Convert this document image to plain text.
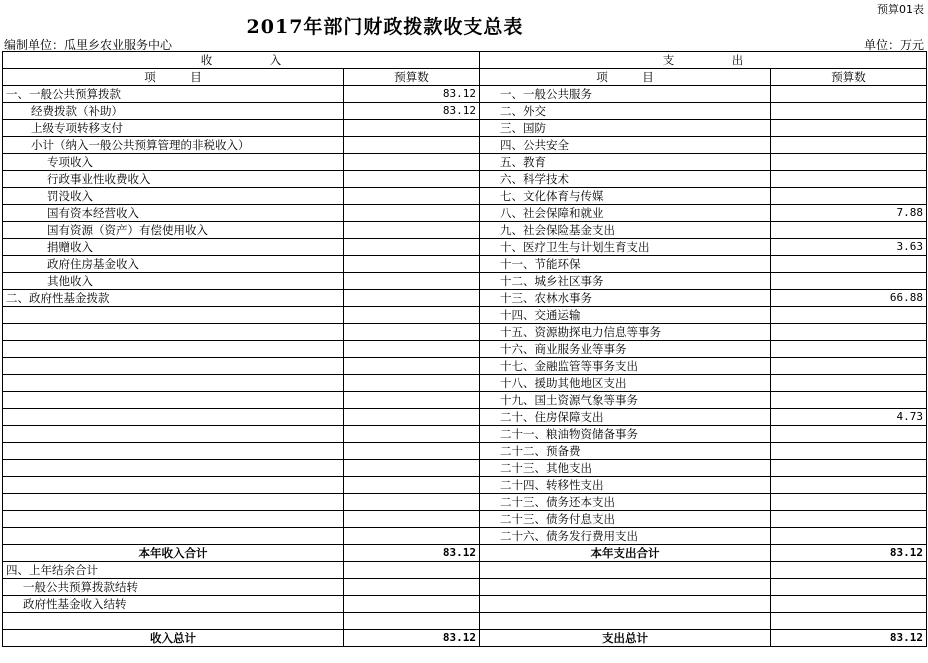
预算01表
2017年部门财政拨款收支总表
编制单位：瓜里乡农业服务中心	单位：万元
收　　　　　入		支　　　　　出	
项　　　目	预算数	项　　　目	预算数
一、一般公共预算拨款	83.12	一、一般公共服务	
经费拨款（补助）	83.12	二、外交	
上级专项转移支付		三、国防	
小计（纳入一般公共预算管理的非税收入）		四、公共安全	
专项收入		五、教育	
行政事业性收费收入		六、科学技术	
罚没收入		七、文化体育与传媒	
国有资本经营收入		八、社会保障和就业	7.88
国有资源（资产）有偿使用收入		九、社会保险基金支出	
捐赠收入		十、医疗卫生与计划生育支出	3.63
政府住房基金收入		十一、节能环保	
其他收入		十二、城乡社区事务	
二、政府性基金拨款		十三、农林水事务	66.88
		十四、交通运输	
		十五、资源勘探电力信息等事务	
		十六、商业服务业等事务	
		十七、金融监管等事务支出	
		十八、援助其他地区支出	
		十九、国土资源气象等事务	
		二十、住房保障支出	4.73
		二十一、粮油物资储备事务	
		二十二、预备费	
		二十三、其他支出	
		二十四、转移性支出	
		二十三、债务还本支出	
		二十三、债务付息支出	
		二十六、债务发行费用支出	
本年收入合计	83.12	本年支出合计	83.12
四、上年结余合计			
一般公共预算拨款结转			
政府性基金收入结转			

收入总计	83.12	支出总计	83.12
